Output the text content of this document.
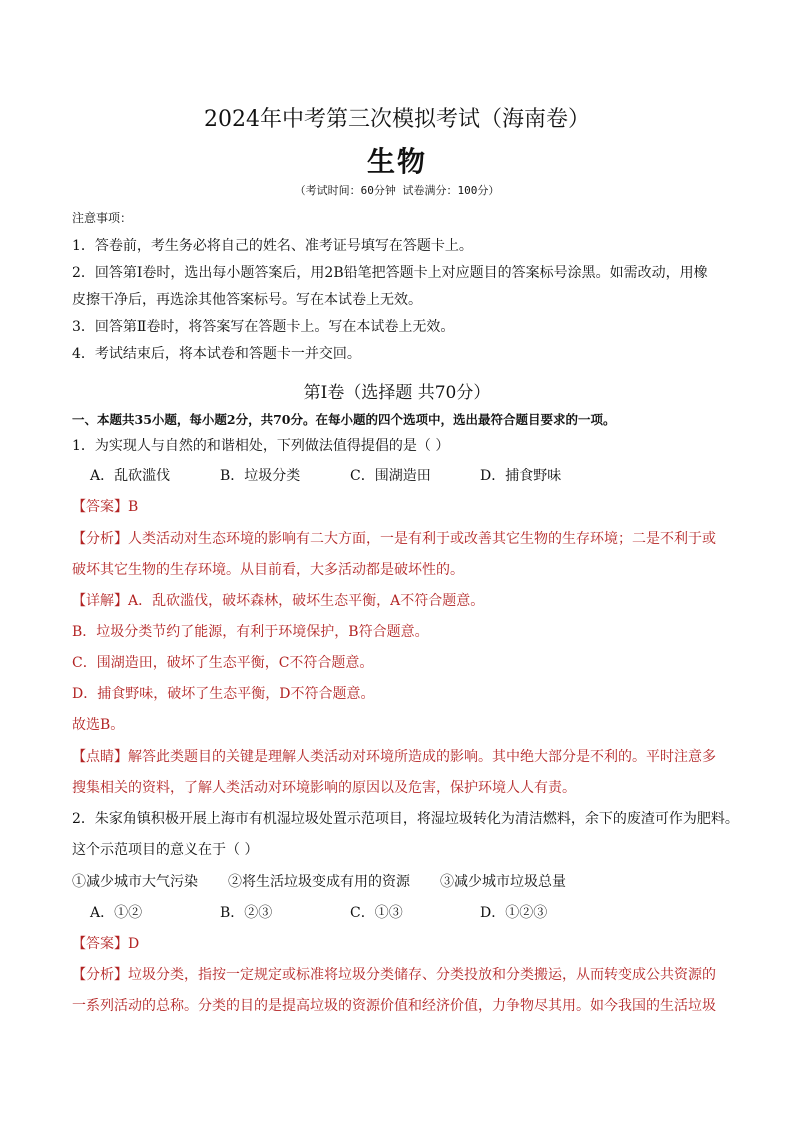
2024年中考第三次模拟考试（海南卷）
生物
（考试时间：60分钟 试卷满分：100分）
注意事项：
1．答卷前，考生务必将自己的姓名、准考证号填写在答题卡上。
2．回答第Ⅰ卷时，选出每小题答案后，用2B铅笔把答题卡上对应题目的答案标号涂黑。如需改动，用橡
皮擦干净后，再选涂其他答案标号。写在本试卷上无效。
3．回答第Ⅱ卷时，将答案写在答题卡上。写在本试卷上无效。
4．考试结束后，将本试卷和答题卡一并交回。
第Ⅰ卷（选择题 共70分）
一、本题共35小题，每小题2分，共70分。在每小题的四个选项中，选出最符合题目要求的一项。
1．为实现人与自然的和谐相处，下列做法值得提倡的是（ ）
A．乱砍滥伐	B．垃圾分类	C．围湖造田	D．捕食野味
【答案】B
【分析】人类活动对生态环境的影响有二大方面，一是有利于或改善其它生物的生存环境；二是不利于或
破坏其它生物的生存环境。从目前看，大多活动都是破坏性的。
【详解】A．乱砍滥伐，破坏森林，破坏生态平衡，A不符合题意。
B．垃圾分类节约了能源，有利于环境保护，B符合题意。
C．围湖造田，破坏了生态平衡，C不符合题意。
D．捕食野味，破坏了生态平衡，D不符合题意。
故选B。
【点睛】解答此类题目的关键是理解人类活动对环境所造成的影响。其中绝大部分是不利的。平时注意多
搜集相关的资料，了解人类活动对环境影响的原因以及危害，保护环境人人有责。
2．朱家角镇积极开展上海市有机湿垃圾处置示范项目，将湿垃圾转化为清洁燃料，余下的废渣可作为肥料。
这个示范项目的意义在于（ ）
①减少城市大气污染 ②将生活垃圾变成有用的资源 ③减少城市垃圾总量
A．①②	B．②③	C．①③	D．①②③
【答案】D
【分析】垃圾分类，指按一定规定或标准将垃圾分类储存、分类投放和分类搬运，从而转变成公共资源的
一系列活动的总称。分类的目的是提高垃圾的资源价值和经济价值，力争物尽其用。如今我国的生活垃圾
